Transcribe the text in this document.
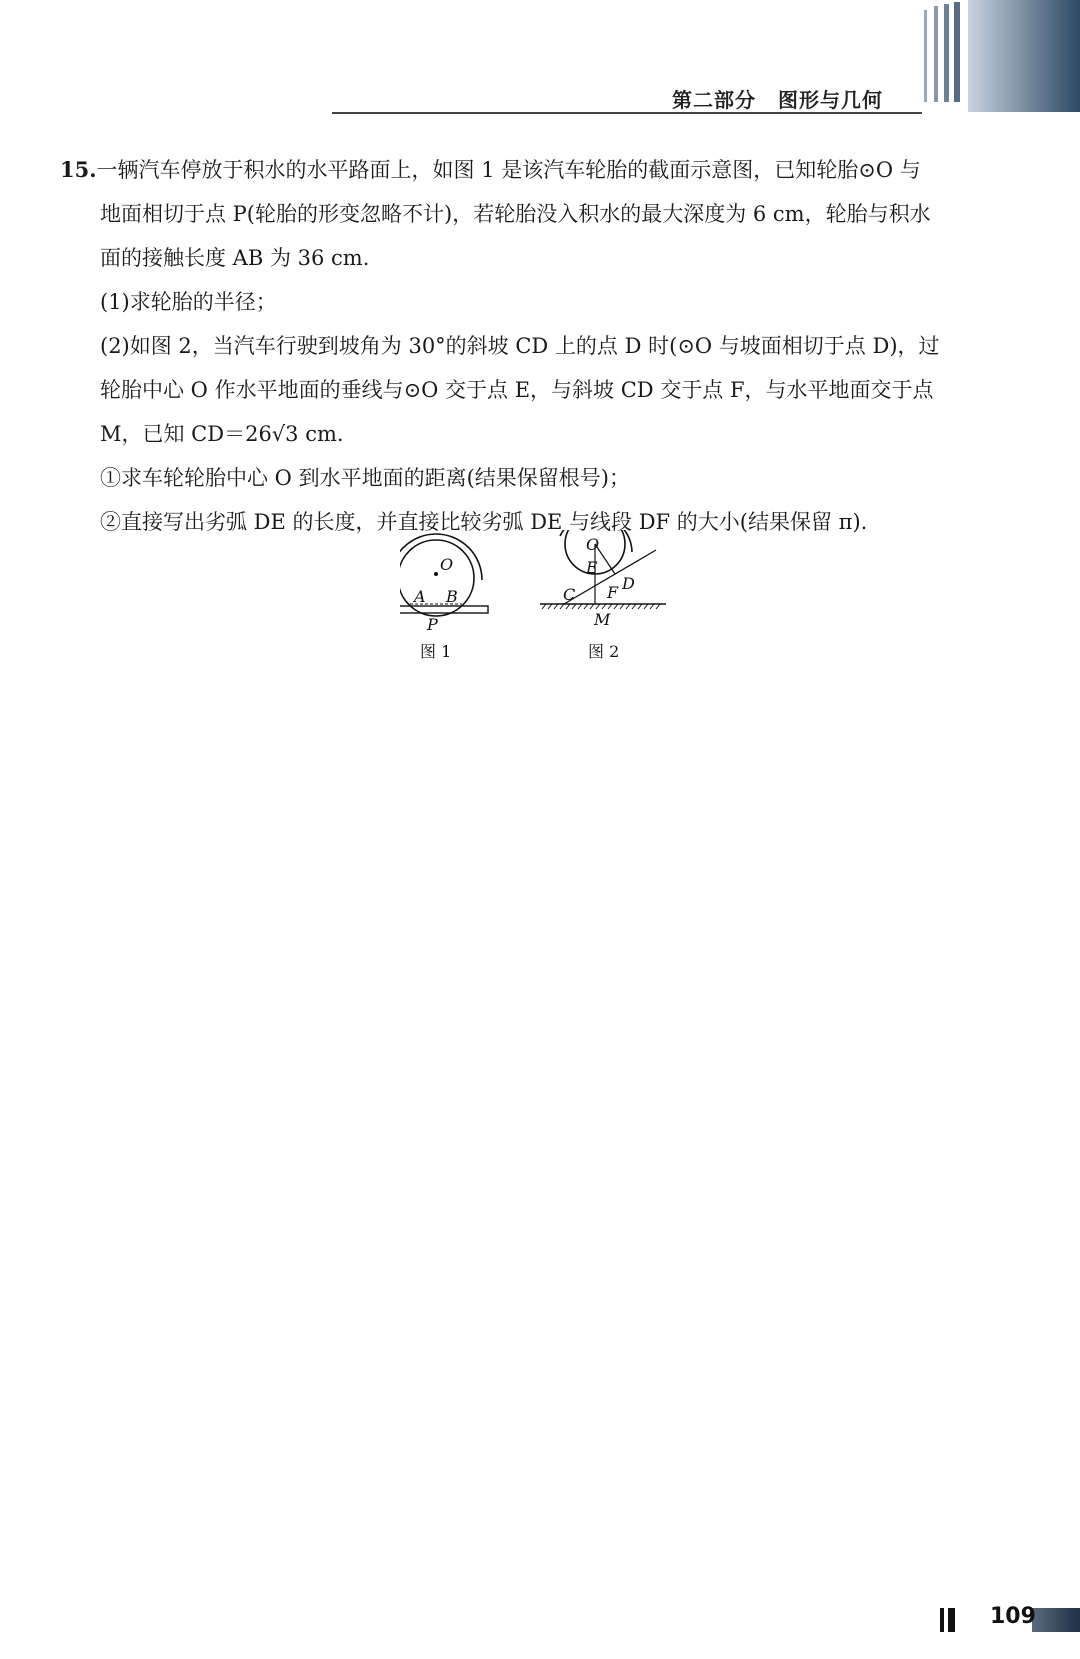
第二部分 图形与几何

15.一辆汽车停放于积水的水平路面上，如图 1 是该汽车轮胎的截面示意图，已知轮胎⊙O 与

地面相切于点 P(轮胎的形变忽略不计)，若轮胎没入积水的最大深度为 6 cm，轮胎与积水

面的接触长度 AB 为 36 cm.

(1)求轮胎的半径；

(2)如图 2，当汽车行驶到坡角为 30°的斜坡 CD 上的点 D 时(⊙O 与坡面相切于点 D)，过

轮胎中心 O 作水平地面的垂线与⊙O 交于点 E，与斜坡 CD 交于点 F，与水平地面交于点

M，已知 CD＝26√3 cm.

①求车轮轮胎中心 O 到水平地面的距离(结果保留根号)；

②直接写出劣弧 DE 的长度，并直接比较劣弧 DE 与线段 DF 的大小(结果保留 π).

O
A B
P
图 1
O
E
C F D
M
图 2
109
